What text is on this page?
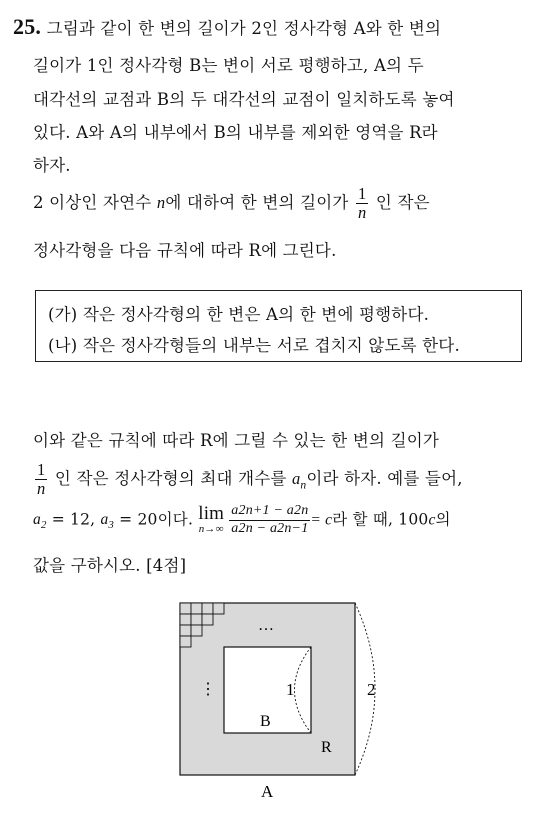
25. 그림과 같이 한 변의 길이가 2인 정사각형 A와 한 변의
길이가 1인 정사각형 B는 변이 서로 평행하고, A의 두
대각선의 교점과 B의 두 대각선의 교점이 일치하도록 놓여
있다. A와 A의 내부에서 B의 내부를 제외한 영역을 R라
하자.
2 이상인 자연수 n에 대하여 한 변의 길이가 $\frac{1}{n}$ 인 작은
정사각형을 다음 규칙에 따라 R에 그린다.
(가) 작은 정사각형의 한 변은 A의 한 변에 평행하다.
(나) 작은 정사각형들의 내부는 서로 겹치지 않도록 한다.
이와 같은 규칙에 따라 R에 그릴 수 있는 한 변의 길이가
$\frac{1}{n}$ 인 작은 정사각형의 최대 개수를 $a_n$이라 하자. 예를 들어,
$a_2 = 12$, $a_3 = 20$이다. lim
n→∞
$\frac{a2n+1 - a2n}{a2n - a2n-1} = c$라 할 때, 100c의
값을 구하시오. [4점]
…
⋮	1	2
B
R
A
